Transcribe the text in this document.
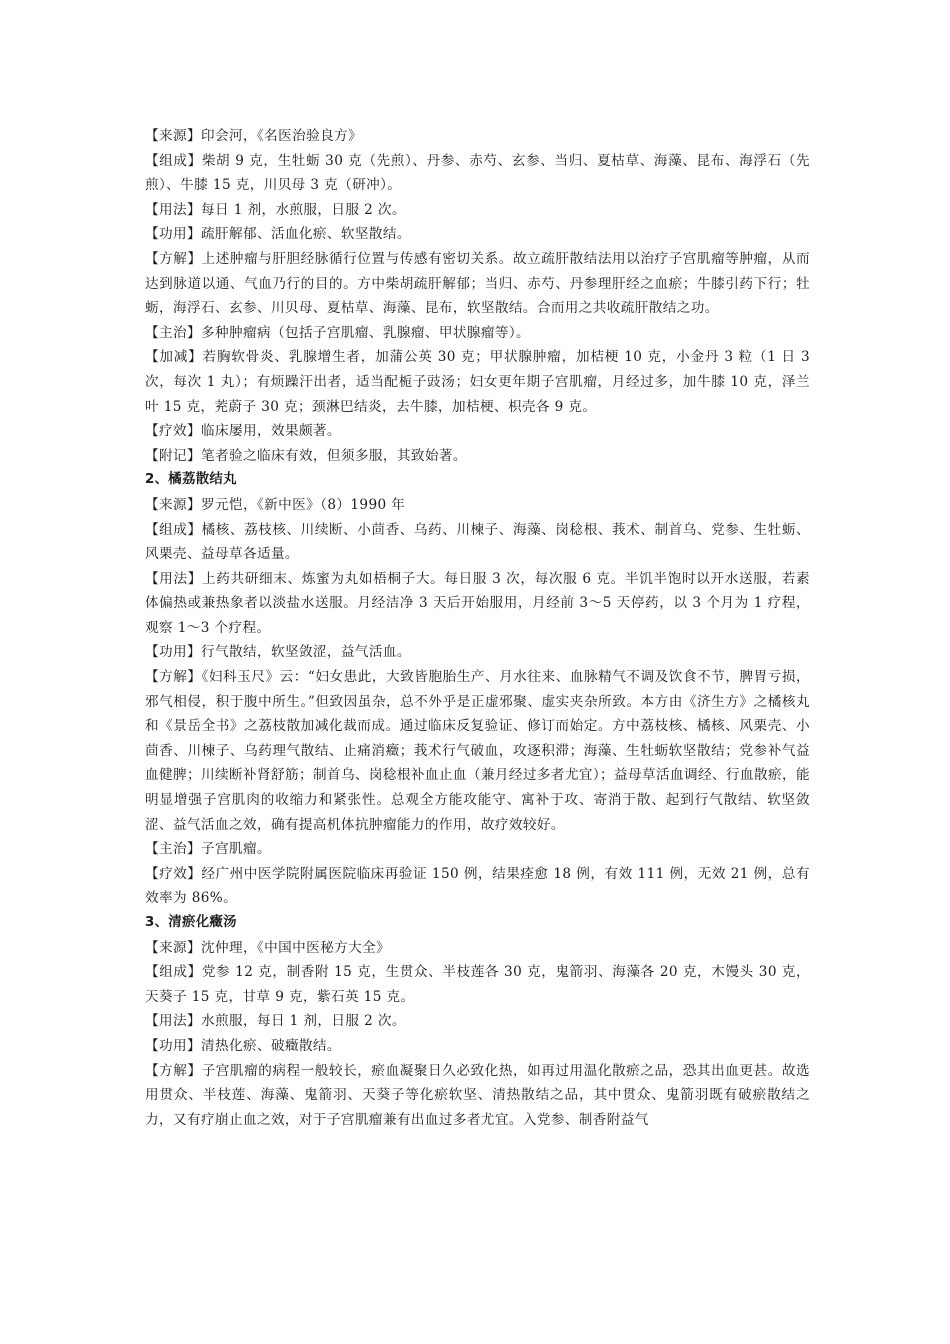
【来源】印会河，《名医治验良方》

【组成】柴胡 9 克，生牡蛎 30 克（先煎）、丹参、赤芍、玄参、当归、夏枯草、海藻、昆布、海浮石（先煎）、牛膝 15 克，川贝母 3 克（研冲）。

【用法】每日 1 剂，水煎服，日服 2 次。

【功用】疏肝解郁、活血化瘀、软坚散结。

【方解】上述肿瘤与肝胆经脉循行位置与传感有密切关系。故立疏肝散结法用以治疗子宫肌瘤等肿瘤，从而达到脉道以通、气血乃行的目的。方中柴胡疏肝解郁；当归、赤芍、丹参理肝经之血瘀；牛膝引药下行；牡蛎，海浮石、玄参、川贝母、夏枯草、海藻、昆布，软坚散结。合而用之共收疏肝散结之功。

【主治】多种肿瘤病（包括子宫肌瘤、乳腺瘤、甲状腺瘤等）。

【加减】若胸软骨炎、乳腺增生者，加蒲公英 30 克；甲状腺肿瘤，加桔梗 10 克，小金丹 3 粒（1 日 3 次，每次 1 丸）；有烦躁汗出者，适当配栀子豉汤；妇女更年期子宫肌瘤，月经过多，加牛膝 10 克，泽兰叶 15 克，茺蔚子 30 克；颈淋巴结炎，去牛膝，加桔梗、枳壳各 9 克。

【疗效】临床屡用，效果颇著。

【附记】笔者验之临床有效，但须多服，其致始著。

2、橘荔散结丸

【来源】罗元恺，《新中医》（8）1990 年

【组成】橘核、荔枝核、川续断、小茴香、乌药、川楝子、海藻、岗稔根、莪术、制首乌、党参、生牡蛎、风栗壳、益母草各适量。

【用法】上药共研细末、炼蜜为丸如梧桐子大。每日服 3 次，每次服 6 克。半饥半饱时以开水送服，若素体偏热或兼热象者以淡盐水送服。月经洁净 3 天后开始服用，月经前 3～5 天停药，以 3 个月为 1 疗程，观察 1～3 个疗程。

【功用】行气散结，软坚敛涩，益气活血。

【方解】《妇科玉尺》云：“妇女患此，大致皆胞胎生产、月水往来、血脉精气不调及饮食不节，脾胃亏损，邪气相侵，积于腹中所生。”但致因虽杂，总不外乎是正虚邪聚、虚实夹杂所致。本方由《济生方》之橘核丸和《景岳全书》之荔枝散加减化裁而成。通过临床反复验证、修订而始定。方中荔枝核、橘核、风栗壳、小茴香、川楝子、乌药理气散结、止痛消癥；莪术行气破血，攻逐积滞；海藻、生牡蛎软坚散结；党参补气益血健脾；川续断补肾舒筋；制首乌、岗稔根补血止血（兼月经过多者尤宜）；益母草活血调经、行血散瘀，能明显增强子宫肌肉的收缩力和紧张性。总观全方能攻能守、寓补于攻、寄消于散、起到行气散结、软坚敛涩、益气活血之效，确有提高机体抗肿瘤能力的作用，故疗效较好。

【主治】子宫肌瘤。

【疗效】经广州中医学院附属医院临床再验证 150 例，结果痊愈 18 例，有效 111 例，无效 21 例，总有效率为 86%。

3、清瘀化癥汤

【来源】沈仲理，《中国中医秘方大全》

【组成】党参 12 克，制香附 15 克，生贯众、半枝莲各 30 克，鬼箭羽、海藻各 20 克，木馒头 30 克，天葵子 15 克，甘草 9 克，紫石英 15 克。

【用法】水煎服，每日 1 剂，日服 2 次。

【功用】清热化瘀、破癥散结。

【方解】子宫肌瘤的病程一般较长，瘀血凝聚日久必致化热，如再过用温化散瘀之品，恐其出血更甚。故选用贯众、半枝莲、海藻、鬼箭羽、天葵子等化瘀软坚、清热散结之品，其中贯众、鬼箭羽既有破瘀散结之力，又有疗崩止血之效，对于子宫肌瘤兼有出血过多者尤宜。入党参、制香附益气
